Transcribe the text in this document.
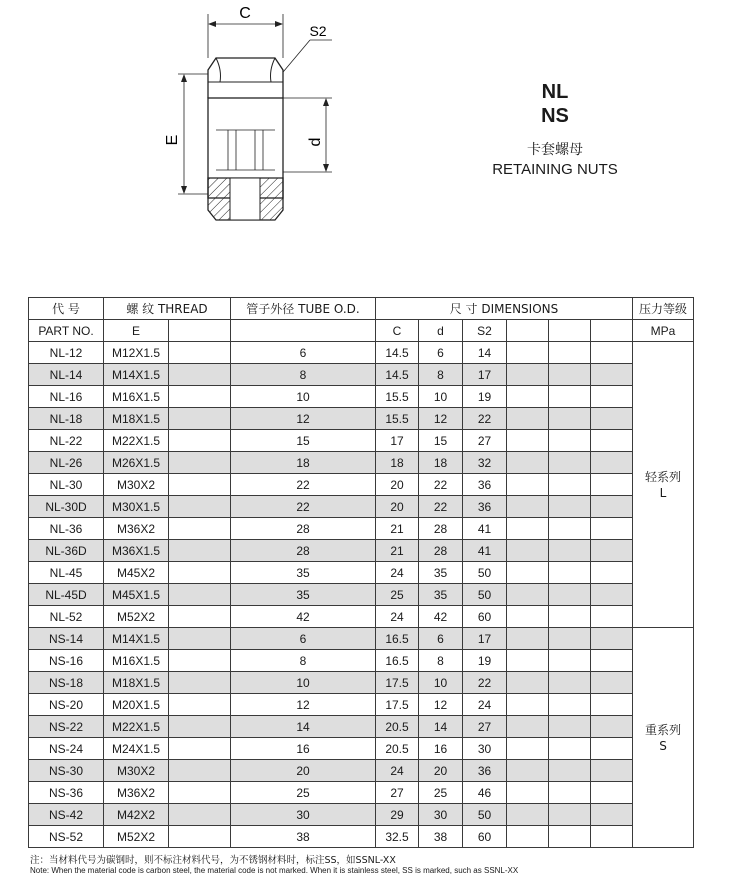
C
S2
E	d
NL
NS
卡套螺母
RETAINING NUTS
代 号	螺 纹 THREAD		管子外径 TUBE O.D.	尺 寸 DIMENSIONS						压力等级
PART NO.	E			C	d	S2				MPa
NL-12	M12X1.5		6	14.5	6	14				轻系列
L

NL-14	M14X1.5		8	14.5	8	17				
NL-16	M16X1.5		10	15.5	10	19				
NL-18	M18X1.5		12	15.5	12	22				
NL-22	M22X1.5		15	17	15	27				
NL-26	M26X1.5		18	18	18	32				
NL-30	M30X2		22	20	22	36				
NL-30D	M30X1.5		22	20	22	36				
NL-36	M36X2		28	21	28	41				
NL-36D	M36X1.5		28	21	28	41				
NL-45	M45X2		35	24	35	50				
NL-45D	M45X1.5		35	25	35	50				
NL-52	M52X2		42	24	42	60				
NS-14	M14X1.5		6	16.5	6	17				重系列
S

NS-16	M16X1.5		8	16.5	8	19				
NS-18	M18X1.5		10	17.5	10	22				
NS-20	M20X1.5		12	17.5	12	24				
NS-22	M22X1.5		14	20.5	14	27				
NS-24	M24X1.5		16	20.5	16	30				
NS-30	M30X2		20	24	20	36				
NS-36	M36X2		25	27	25	46				
NS-42	M42X2		30	29	30	50				
NS-52	M52X2		38	32.5	38	60				
注：当材料代号为碳钢时，则不标注材料代号，为不锈钢材料时，标注SS，如SSNL-XX
Note: When the material code is carbon steel, the material code is not marked. When it is stainless steel, SS is marked, such as SSNL-XX
